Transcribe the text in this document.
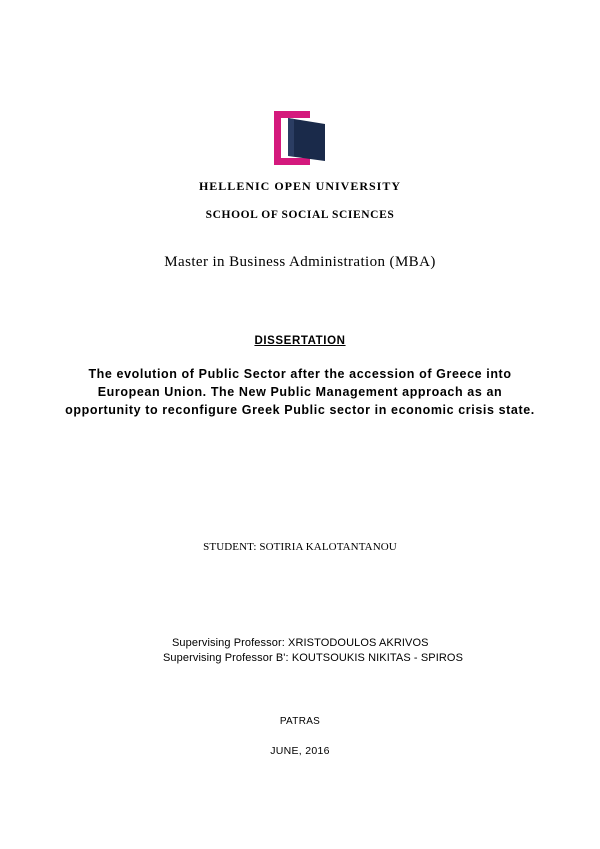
HELLENIC OPEN UNIVERSITY
SCHOOL OF SOCIAL SCIENCES
Master in Business Administration (MBA)
DISSERTATION
The evolution of Public Sector after the accession of Greece into European Union. The New Public Management approach as an opportunity to reconfigure Greek Public sector in economic crisis state.
STUDENT: SOTIRIA KALOTANTANOU
Supervising Professor: XRISTODOULOS AKRIVOS
Supervising Professor B': KOUTSOUKIS NIKITAS - SPIROS
PATRAS
JUNE, 2016
